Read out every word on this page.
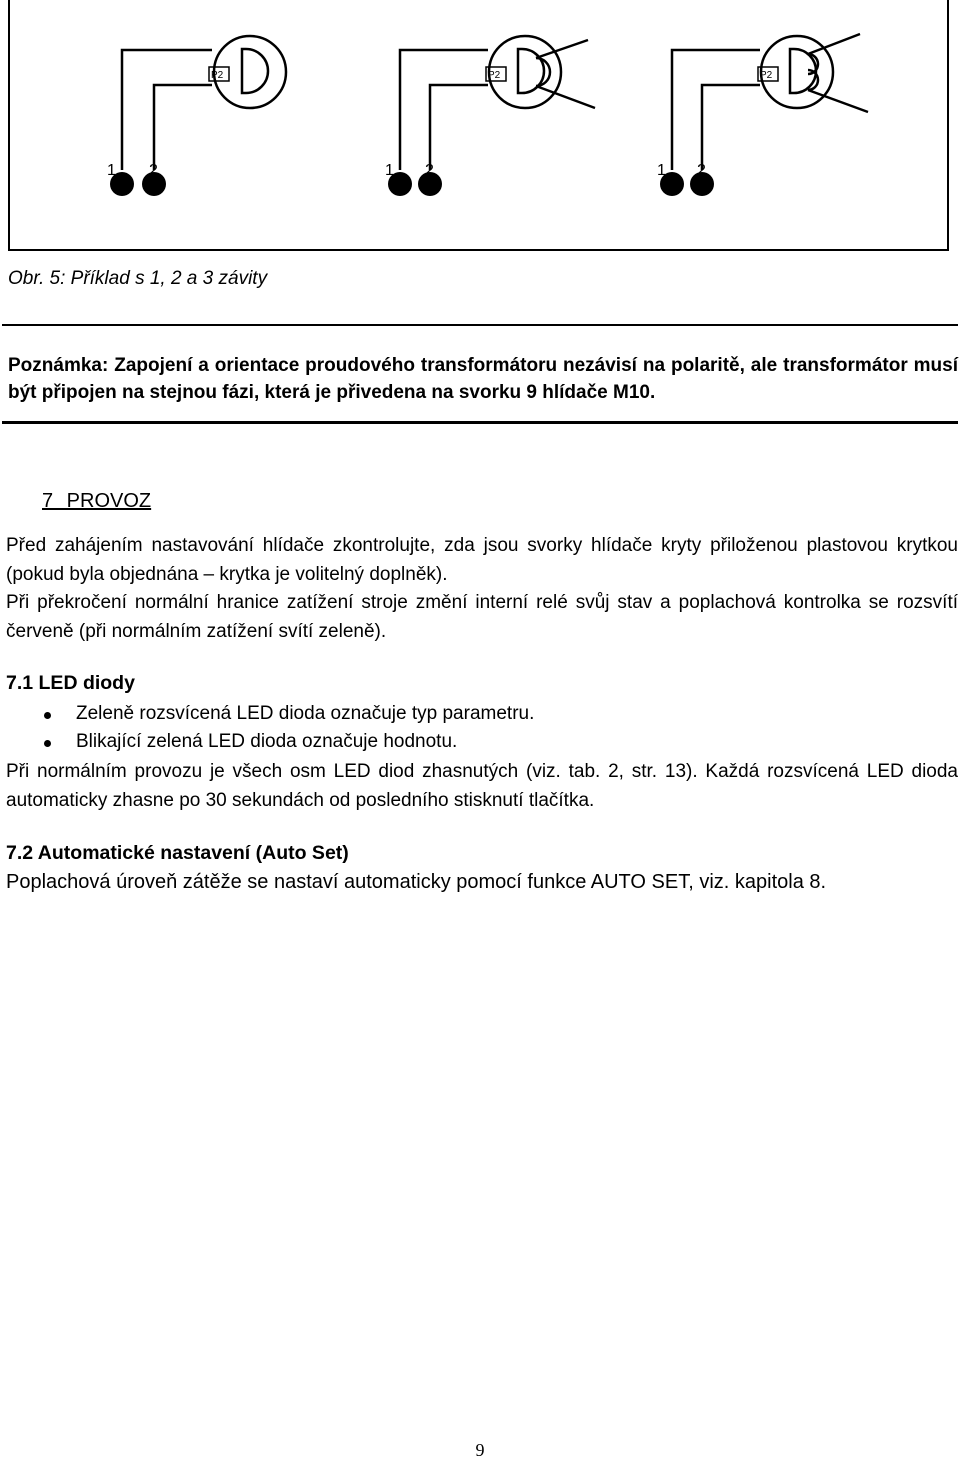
1 2	1 2	1 2
P2	P2	P2
Obr. 5: Příklad s 1, 2 a 3 závity
Poznámka: Zapojení a orientace proudového transformátoru nezávisí na polaritě, ale transformátor musí být připojen na stejnou fázi, která je přivedena na svorku 9 hlídače M10.
7 PROVOZ
Před zahájením nastavování hlídače zkontrolujte, zda jsou svorky hlídače kryty přiloženou plastovou krytkou (pokud byla objednána – krytka je volitelný doplněk).
Při překročení normální hranice zatížení stroje změní interní relé svůj stav a poplachová kontrolka se rozsvítí červeně (při normálním zatížení svítí zeleně).
7.1 LED diody
Zeleně rozsvícená LED dioda označuje typ parametru.
Blikající zelená LED dioda označuje hodnotu.
Při normálním provozu je všech osm LED diod zhasnutých (viz. tab. 2, str. 13). Každá rozsvícená LED dioda automaticky zhasne po 30 sekundách od posledního stisknutí tlačítka.
7.2 Automatické nastavení (Auto Set)
Poplachová úroveň zátěže se nastaví automaticky pomocí funkce AUTO SET, viz. kapitola 8.
9
